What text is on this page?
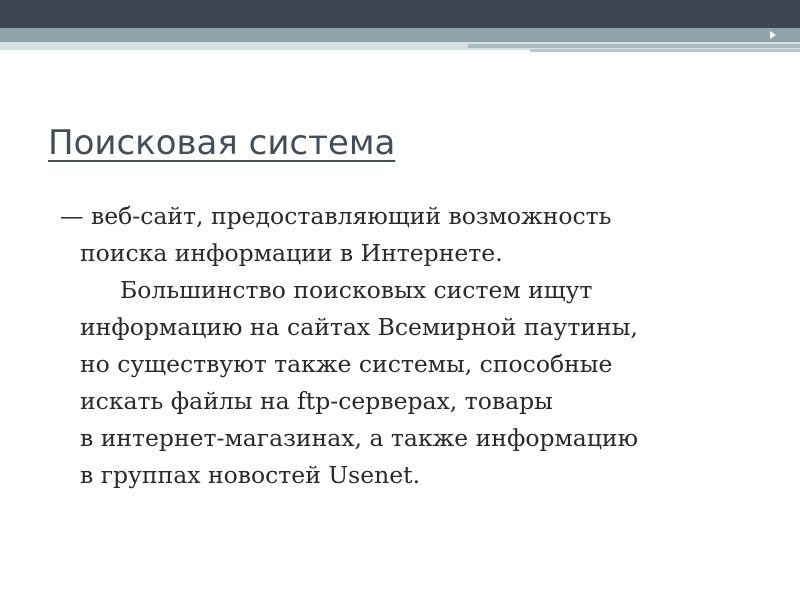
Поисковая система
— веб-сайт, предоставляющий возможность
поиска информации в Интернете.
Большинство поисковых систем ищут
информацию на сайтах Всемирной паутины,
но существуют также системы, способные
искать файлы на ftp-серверах, товары
в интернет-магазинах, а также информацию
в группах новостей Usenet.
